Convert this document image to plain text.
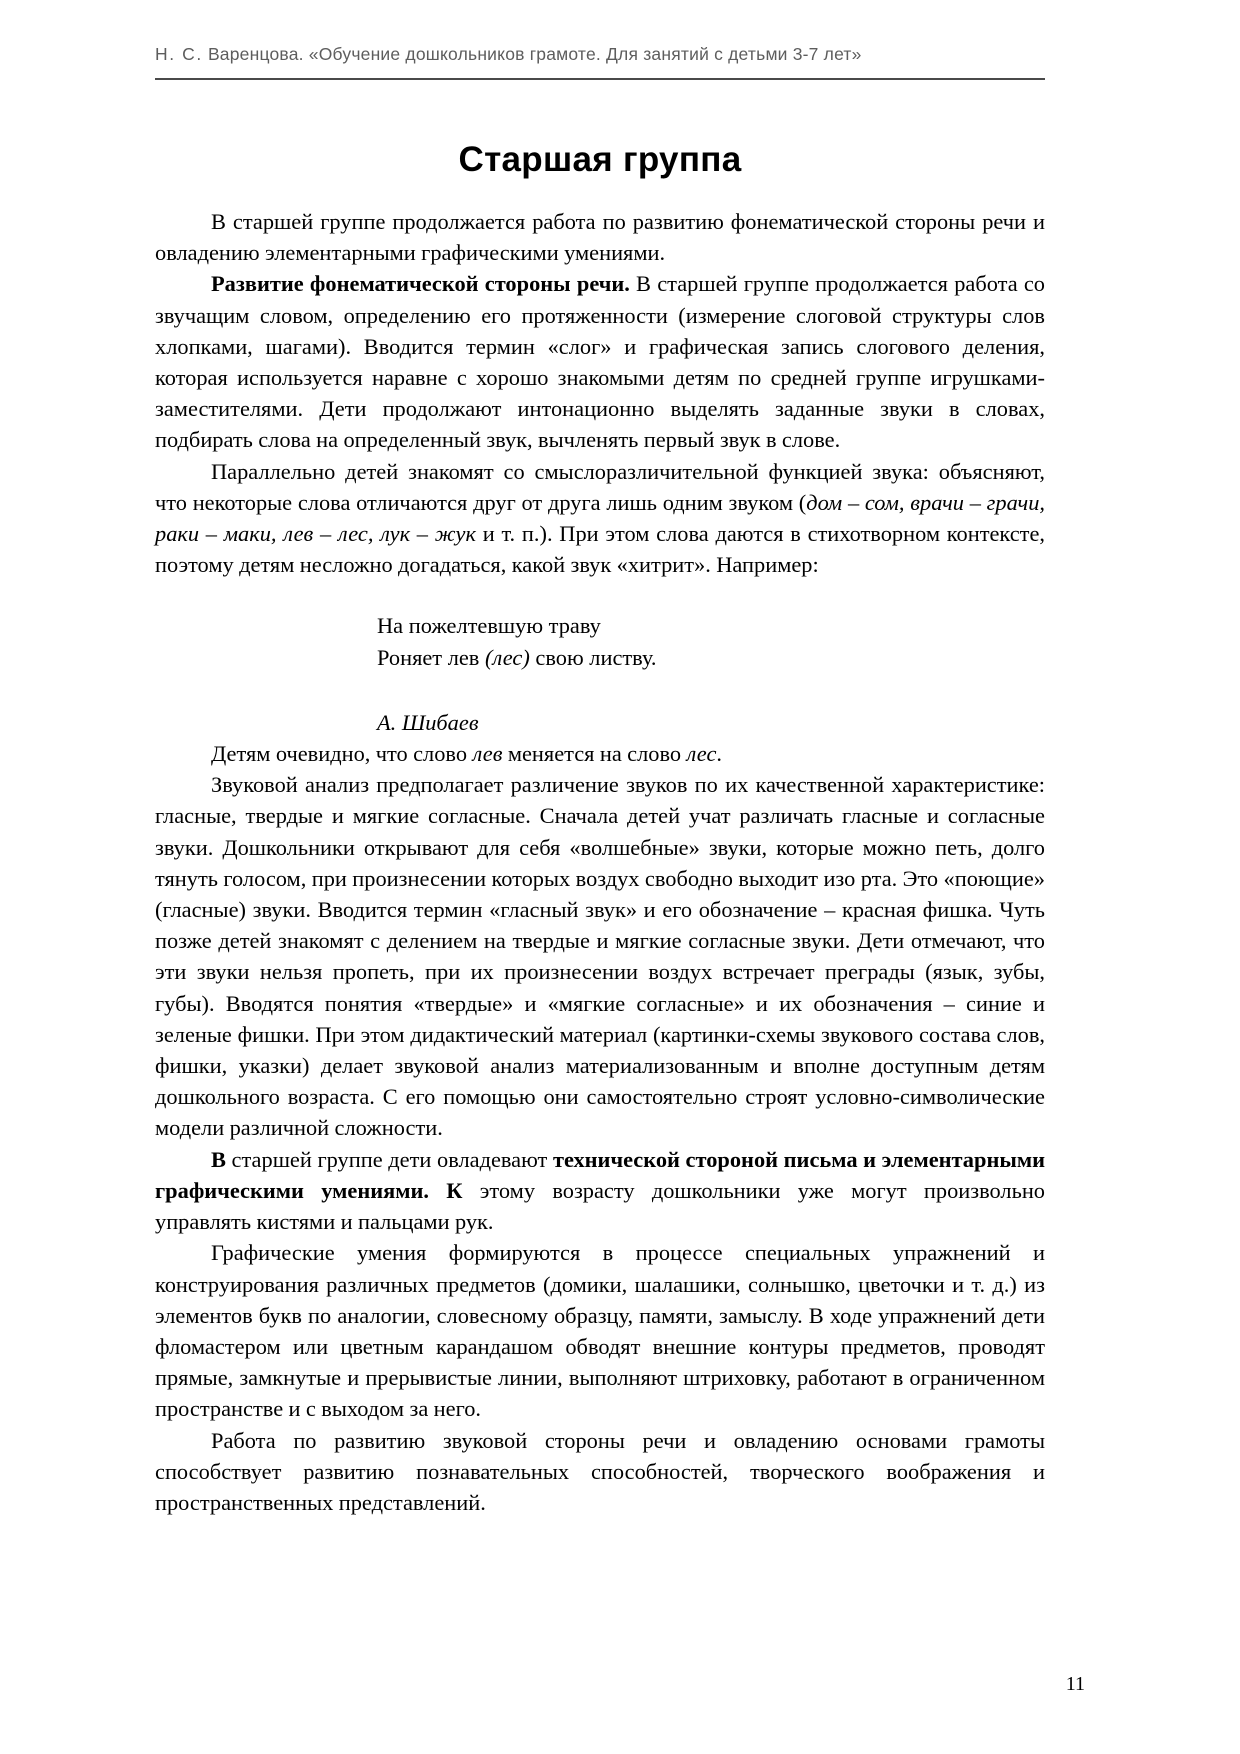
Н. С. Варенцова. «Обучение дошкольников грамоте. Для занятий с детьми 3-7 лет»
Старшая группа

В старшей группе продолжается работа по развитию фонематической стороны речи и овладению элементарными графическими умениями.

Развитие фонематической стороны речи. В старшей группе продолжается работа со звучащим словом, определению его протяженности (измерение слоговой структуры слов хлопками, шагами). Вводится термин «слог» и графическая запись слогового деления, которая используется наравне с хорошо знакомыми детям по средней группе игрушками-заместителями. Дети продолжают интонационно выделять заданные звуки в словах, подбирать слова на определенный звук, вычленять первый звук в слове.

Параллельно детей знакомят со смыслоразличительной функцией звука: объясняют, что некоторые слова отличаются друг от друга лишь одним звуком (дом – сом, врачи – грачи, раки – маки, лев – лес, лук – жук и т. п.). При этом слова даются в стихотворном контексте, поэтому детям несложно догадаться, какой звук «хитрит». Например:

На пожелтевшую траву
Роняет лев (лес) свою листву.
А. Шибаев

Детям очевидно, что слово лев меняется на слово лес.

Звуковой анализ предполагает различение звуков по их качественной характеристике: гласные, твердые и мягкие согласные. Сначала детей учат различать гласные и согласные звуки. Дошкольники открывают для себя «волшебные» звуки, которые можно петь, долго тянуть голосом, при произнесении которых воздух свободно выходит изо рта. Это «поющие» (гласные) звуки. Вводится термин «гласный звук» и его обозначение – красная фишка. Чуть позже детей знакомят с делением на твердые и мягкие согласные звуки. Дети отмечают, что эти звуки нельзя пропеть, при их произнесении воздух встречает преграды (язык, зубы, губы). Вводятся понятия «твердые» и «мягкие согласные» и их обозначения – синие и зеленые фишки. При этом дидактический материал (картинки-схемы звукового состава слов, фишки, указки) делает звуковой анализ материализованным и вполне доступным детям дошкольного возраста. С его помощью они самостоятельно строят условно-символические модели различной сложности.

В старшей группе дети овладевают технической стороной письма и элементарными графическими умениями. К этому возрасту дошкольники уже могут произвольно управлять кистями и пальцами рук.

Графические умения формируются в процессе специальных упражнений и конструирования различных предметов (домики, шалашики, солнышко, цветочки и т. д.) из элементов букв по аналогии, словесному образцу, памяти, замыслу. В ходе упражнений дети фломастером или цветным карандашом обводят внешние контуры предметов, проводят прямые, замкнутые и прерывистые линии, выполняют штриховку, работают в ограниченном пространстве и с выходом за него.

Работа по развитию звуковой стороны речи и овладению основами грамоты способствует развитию познавательных способностей, творческого воображения и пространственных представлений.

11
